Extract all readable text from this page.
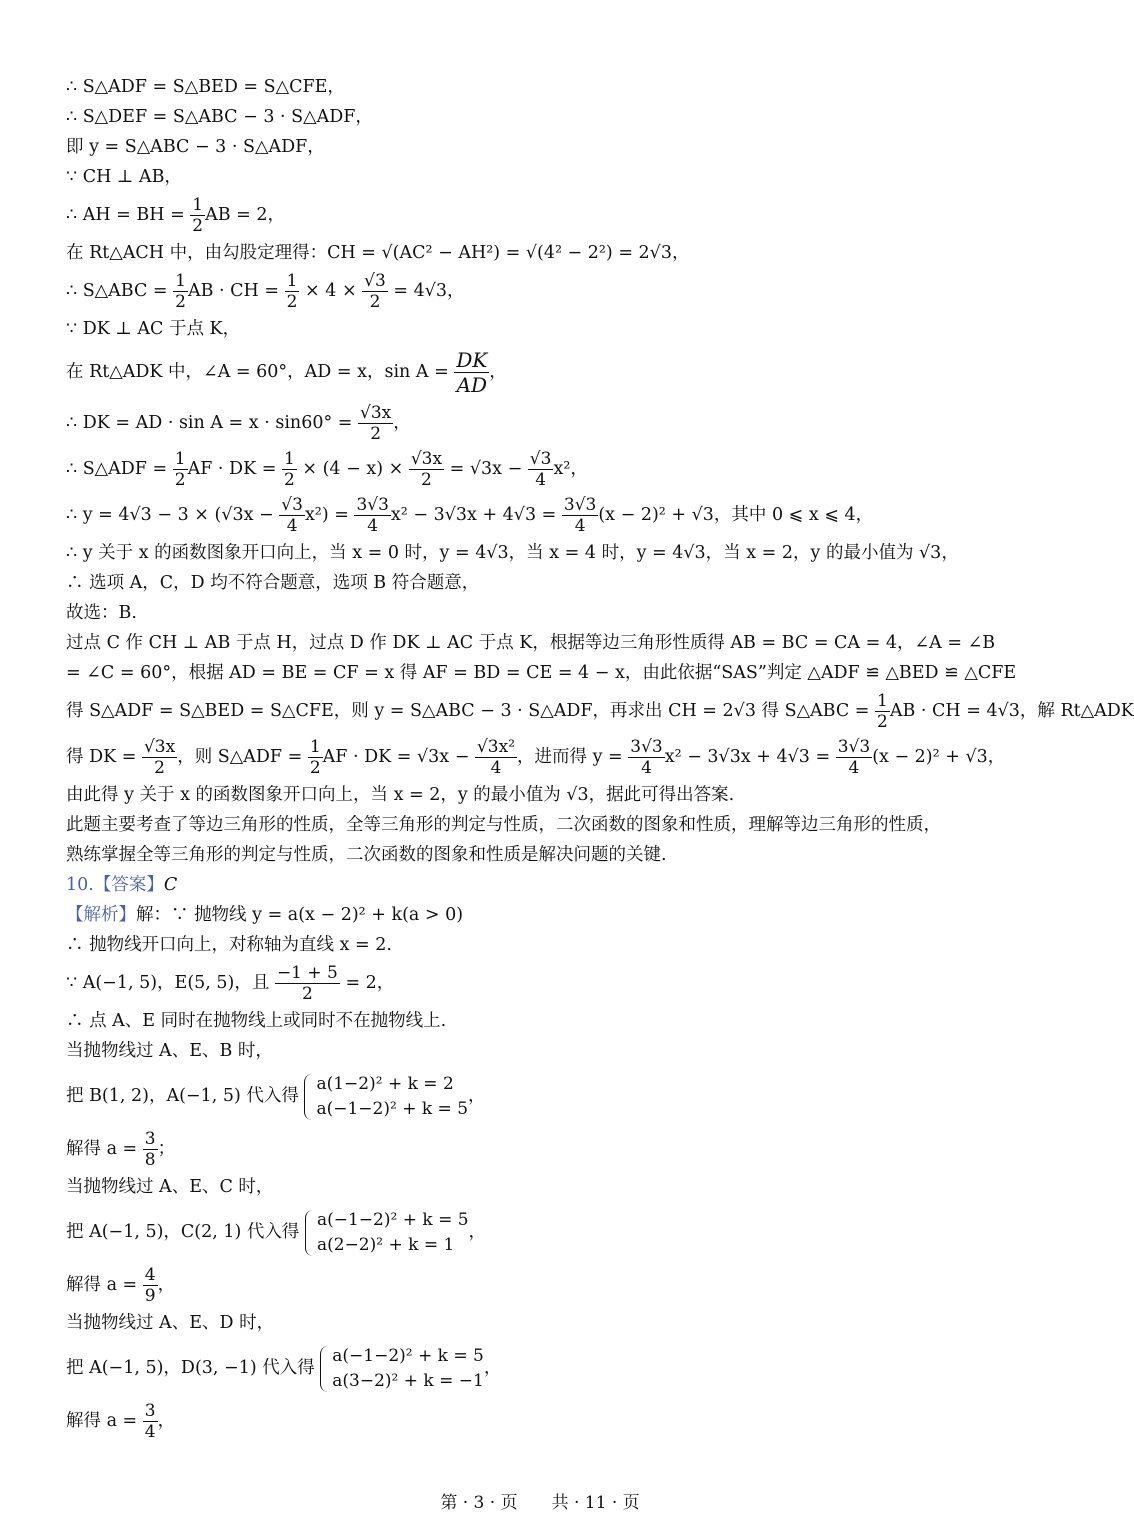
∴ S△ADF = S△BED = S△CFE，
∴ S△DEF = S△ABC − 3 · S△ADF，
即 y = S△ABC − 3 · S△ADF，
∵ CH ⊥ AB，
∴ AH = BH = $\frac{1}{2}$ AB = 2，
在 Rt△ACH 中，由勾股定理得：CH = √(AC² − AH²) = √(4² − 2²) = 2√3，
∴ S△ABC = $\frac{1}{2}$ AB · CH = $\frac{1}{2} \times 4 \times \frac{√3}{2} = 4√3$，
∵ DK ⊥ AC 于点 K，
在 Rt△ADK 中，∠A = 60°，AD = x，$\sin A = \frac{DK}{AD}$ ，
∴ DK = AD · $\sin A = x \cdot \sin 60^\circ = \frac{√3x}{2}$ ，
∴ S△ADF = $\frac{1}{2}$ AF · DK = $\frac{1}{2} \times (4 - x) \times \frac{√3x}{2} = √3x - \frac{√3}{4} x^2$，
∴ $y = 4√3 - 3 \times (√3x - \frac{√3}{4} x^2) = \frac{3√3}{4} x^2 - 3√3x + 4√3 = \frac{3√3}{4} (x - 2)^2 + √3$，其中 0 ⩽ x ⩽ 4，
∴ y 关于 x 的函数图象开口向上，当 x = 0 时，y = 4√3，当 x = 4 时，y = 4√3，当 x = 2，y 的最小值为 √3，
∴ 选项 A，C，D 均不符合题意，选项 B 符合题意，
故选：B.
过点 C 作 CH ⊥ AB 于点 H，过点 D 作 DK ⊥ AC 于点 K，根据等边三角形性质得 AB = BC = CA = 4，∠A = ∠B
= ∠C = 60°，根据 AD = BE = CF = x 得 AF = BD = CE = 4 − x，由此依据“SAS”判定 △ADF ≌ △BED ≌ △CFE
得 S△ADF = S△BED = S△CFE，则 y = S△ABC − 3 · S△ADF，再求出 CH = 2√3 得 S△ABC = $\frac{1}{2}$ AB · CH = 4√3，解 Rt△ADK
得 DK = $\frac{√3x}{2}$ ，则 S△ADF = $\frac{1}{2}$ AF · DK = $√3x - \frac{\text{√3x²}}{4}$ ，进而得 $y = \frac{3√3}{4} x^2 - 3√3x + 4√3 = \frac{3√3}{4} (x - 2)^2 + √3$，
由此得 y 关于 x 的函数图象开口向上，当 x = 2，y 的最小值为 √3，据此可得出答案.
此题主要考查了等边三角形的性质，全等三角形的判定与性质，二次函数的图象和性质，理解等边三角形的性质，
熟练掌握全等三角形的判定与性质，二次函数的图象和性质是解决问题的关键.
10.【答案】C
【解析】解：∵ 抛物线 y = a(x − 2)² + k(a > 0)
∴ 抛物线开口向上，对称轴为直线 x = 2.
∵ A(−1, 5)，E(5, 5)，且 $\frac{-1 + 5}{2} = 2$，
∴ 点 A、E 同时在抛物线上或同时不在抛物线上.
当抛物线过 A、E、B 时，
把 B(1, 2)，A(−1, 5) 代入得
a(1−2)² + k = 2
a(−1−2)² + k = 5
，
解得 $a = \frac{3}{8}$ ；
当抛物线过 A、E、C 时，
把 A(−1, 5)，C(2, 1) 代入得
a(−1−2)² + k = 5
a(2−2)² + k = 1
，
解得 $a = \frac{4}{9}$ ，
当抛物线过 A、E、D 时，
把 A(−1, 5)，D(3, −1) 代入得
a(−1−2)² + k = 5
a(3−2)² + k = −1
，
解得 $a = \frac{3}{4}$ ，
第 · 3 · 页　　共 · 11 · 页
